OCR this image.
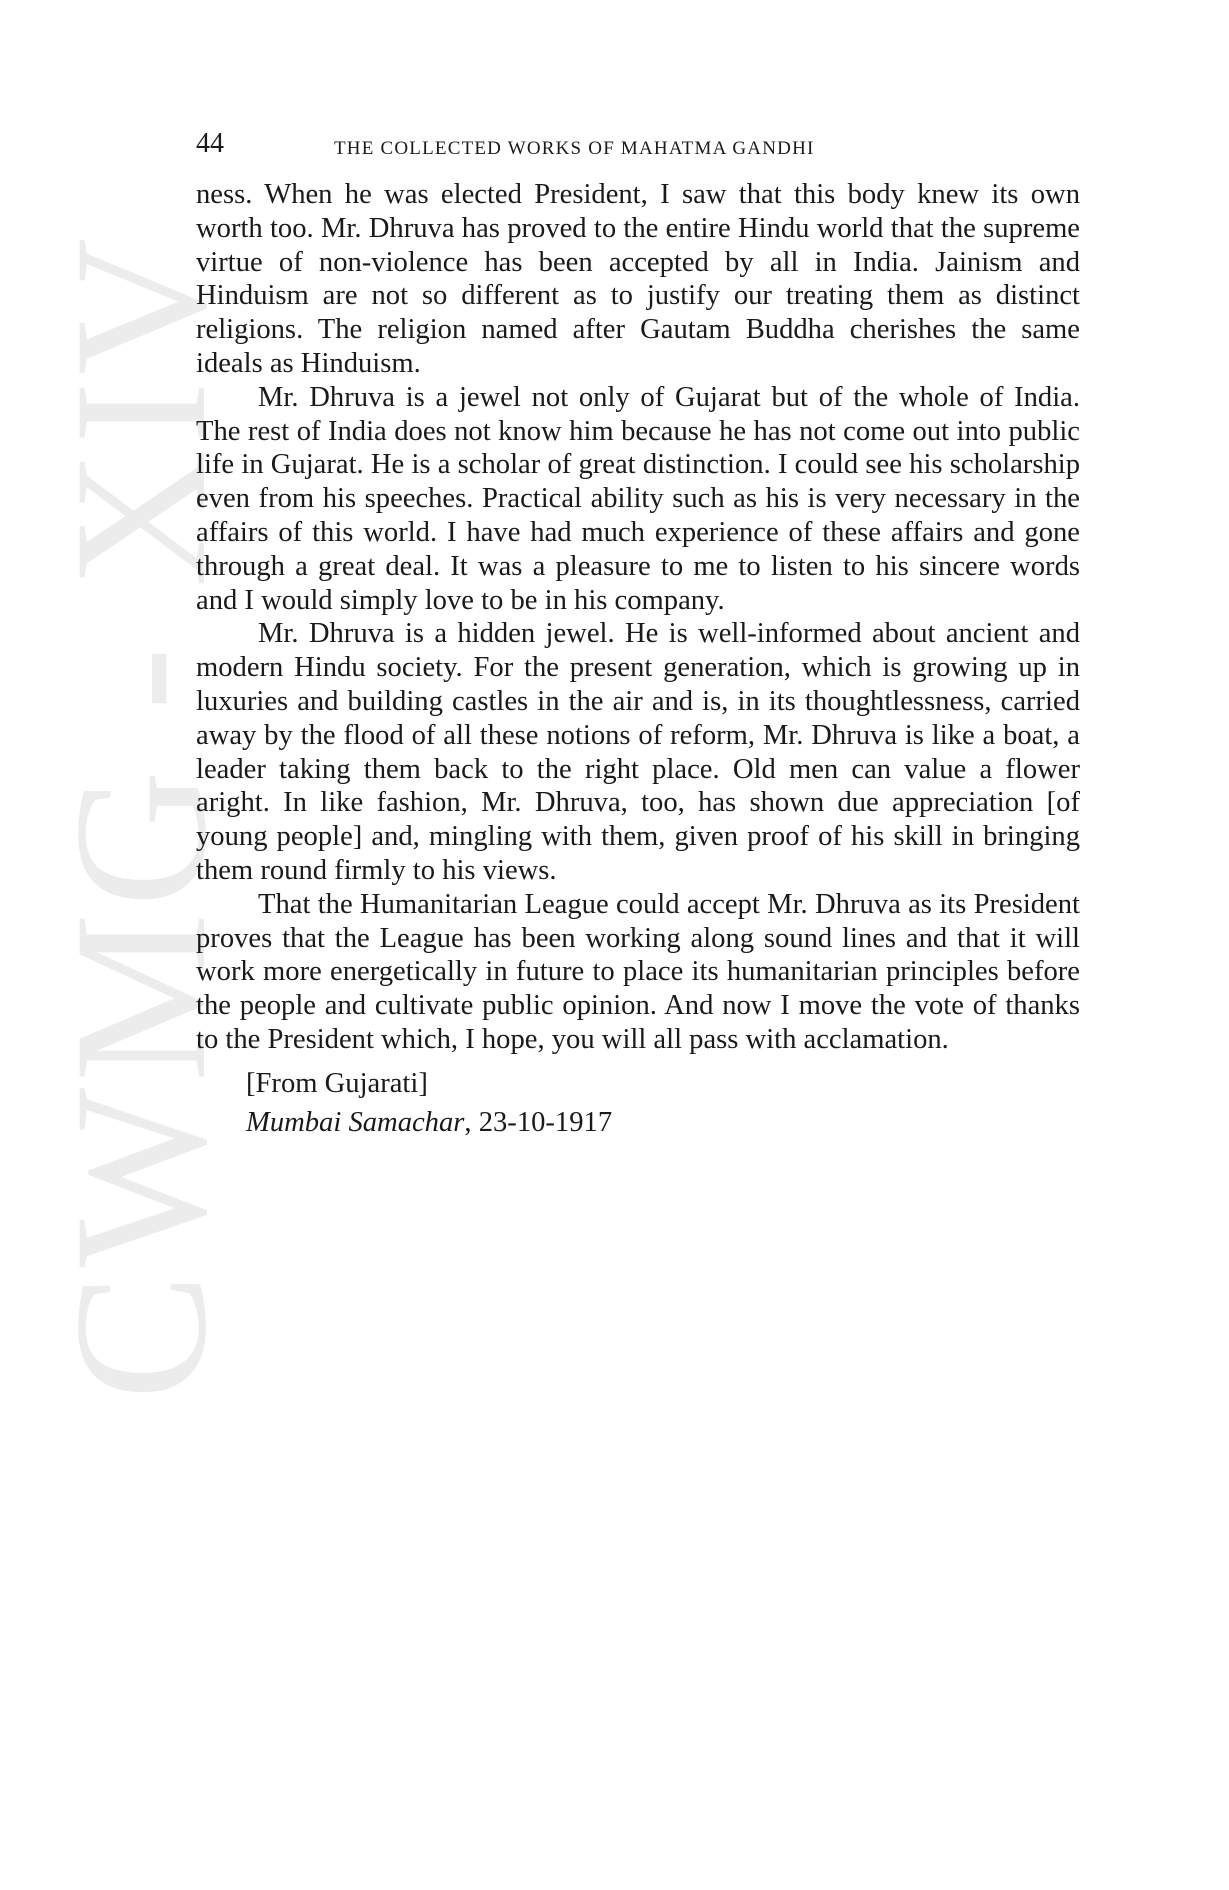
CWMG - XIV
44	THE COLLECTED WORKS OF MAHATMA GANDHI

ness. When he was elected President, I saw that this body knew its own worth too. Mr. Dhruva has proved to the entire Hindu world that the supreme virtue of non-violence has been accepted by all in India. Jainism and Hinduism are not so different as to justify our treating them as distinct religions. The religion named after Gautam Buddha cherishes the same ideals as Hinduism.

Mr. Dhruva is a jewel not only of Gujarat but of the whole of India. The rest of India does not know him because he has not come out into public life in Gujarat. He is a scholar of great distinction. I could see his scholarship even from his speeches. Practical ability such as his is very necessary in the affairs of this world. I have had much experience of these affairs and gone through a great deal. It was a pleasure to me to listen to his sincere words and I would simply love to be in his company.

Mr. Dhruva is a hidden jewel. He is well-informed about ancient and modern Hindu society. For the present generation, which is growing up in luxuries and building castles in the air and is, in its thoughtlessness, carried away by the flood of all these notions of reform, Mr. Dhruva is like a boat, a leader taking them back to the right place. Old men can value a flower aright. In like fashion, Mr. Dhruva, too, has shown due appreciation [of young people] and, mingling with them, given proof of his skill in bringing them round firmly to his views.

That the Humanitarian League could accept Mr. Dhruva as its President proves that the League has been working along sound lines and that it will work more energetically in future to place its humanitarian principles before the people and cultivate public opinion. And now I move the vote of thanks to the President which, I hope, you will all pass with acclamation.

[From Gujarati]
Mumbai Samachar, 23-10-1917
